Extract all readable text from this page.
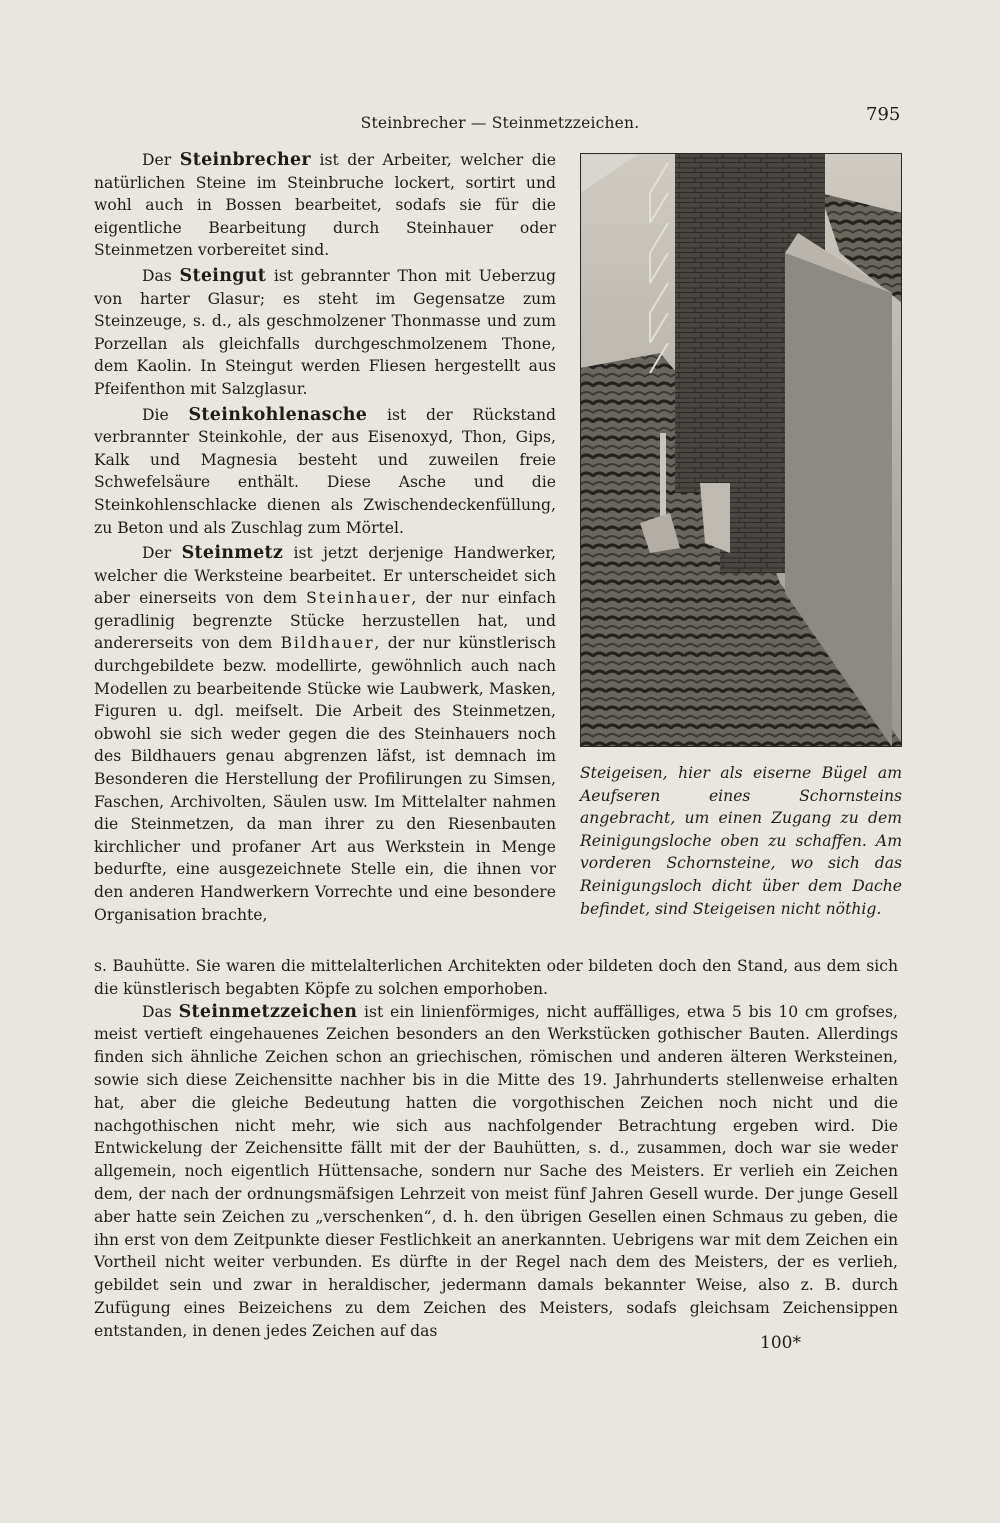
Steinbrecher — Steinmetzzeichen.	795

Der Steinbrecher ist der Arbeiter, welcher die natürlichen Steine im Steinbruche lockert, sortirt und wohl auch in Bossen bearbeitet, sodafs sie für die eigentliche Bearbeitung durch Steinhauer oder Steinmetzen vorbereitet sind.

Das Steingut ist gebrannter Thon mit Ueberzug von harter Glasur; es steht im Gegensatze zum Steinzeuge, s. d., als geschmolzener Thonmasse und zum Porzellan als gleichfalls durchgeschmolzenem Thone, dem Kaolin. In Steingut werden Fliesen hergestellt aus Pfeifenthon mit Salzglasur.

Die Steinkohlenasche ist der Rückstand verbrannter Steinkohle, der aus Eisenoxyd, Thon, Gips, Kalk und Magnesia besteht und zuweilen freie Schwefelsäure enthält. Diese Asche und die Steinkohlenschlacke dienen als Zwischendeckenfüllung, zu Beton und als Zuschlag zum Mörtel.

Der Steinmetz ist jetzt derjenige Handwerker, welcher die Werksteine bearbeitet. Er unterscheidet sich aber einerseits von dem Steinhauer, der nur einfach geradlinig begrenzte Stücke herzustellen hat, und andererseits von dem Bildhauer, der nur künstlerisch durchgebildete bezw. modellirte, gewöhnlich auch nach Modellen zu bearbeitende Stücke wie Laubwerk, Masken, Figuren u. dgl. meifselt. Die Arbeit des Steinmetzen, obwohl sie sich weder gegen die des Steinhauers noch des Bildhauers genau abgrenzen läfst, ist demnach im Besonderen die Herstellung der Profilirungen zu Simsen, Faschen, Archivolten, Säulen usw. Im Mittelalter nahmen die Steinmetzen, da man ihrer zu den Riesenbauten kirchlicher und profaner Art aus Werkstein in Menge bedurfte, eine ausgezeichnete Stelle ein, die ihnen vor den anderen Handwerkern Vorrechte und eine besondere Organisation brachte,

Steigeisen, hier als eiserne Bügel am Aeufseren eines Schornsteins angebracht, um einen Zugang zu dem Reinigungsloche oben zu schaffen. Am vorderen Schornsteine, wo sich das Reinigungsloch dicht über dem Dache befindet, sind Steigeisen nicht nöthig.

s. Bauhütte. Sie waren die mittelalterlichen Architekten oder bildeten doch den Stand, aus dem sich die künstlerisch begabten Köpfe zu solchen emporhoben.

Das Steinmetzzeichen ist ein linienförmiges, nicht auffälliges, etwa 5 bis 10 cm grofses, meist vertieft eingehauenes Zeichen besonders an den Werkstücken gothischer Bauten. Allerdings finden sich ähnliche Zeichen schon an griechischen, römischen und anderen älteren Werksteinen, sowie sich diese Zeichensitte nachher bis in die Mitte des 19. Jahrhunderts stellenweise erhalten hat, aber die gleiche Bedeutung hatten die vorgothischen Zeichen noch nicht und die nachgothischen nicht mehr, wie sich aus nachfolgender Betrachtung ergeben wird. Die Entwickelung der Zeichensitte fällt mit der der Bauhütten, s. d., zusammen, doch war sie weder allgemein, noch eigentlich Hüttensache, sondern nur Sache des Meisters. Er verlieh ein Zeichen dem, der nach der ordnungsmäfsigen Lehrzeit von meist fünf Jahren Gesell wurde. Der junge Gesell aber hatte sein Zeichen zu „verschenken“, d. h. den übrigen Gesellen einen Schmaus zu geben, die ihn erst von dem Zeitpunkte dieser Festlichkeit an anerkannten. Uebrigens war mit dem Zeichen ein Vortheil nicht weiter verbunden. Es dürfte in der Regel nach dem des Meisters, der es verlieh, gebildet sein und zwar in heraldischer, jedermann damals bekannter Weise, also z. B. durch Zufügung eines Beizeichens zu dem Zeichen des Meisters, sodafs gleichsam Zeichensippen entstanden, in denen jedes Zeichen auf das

100*
